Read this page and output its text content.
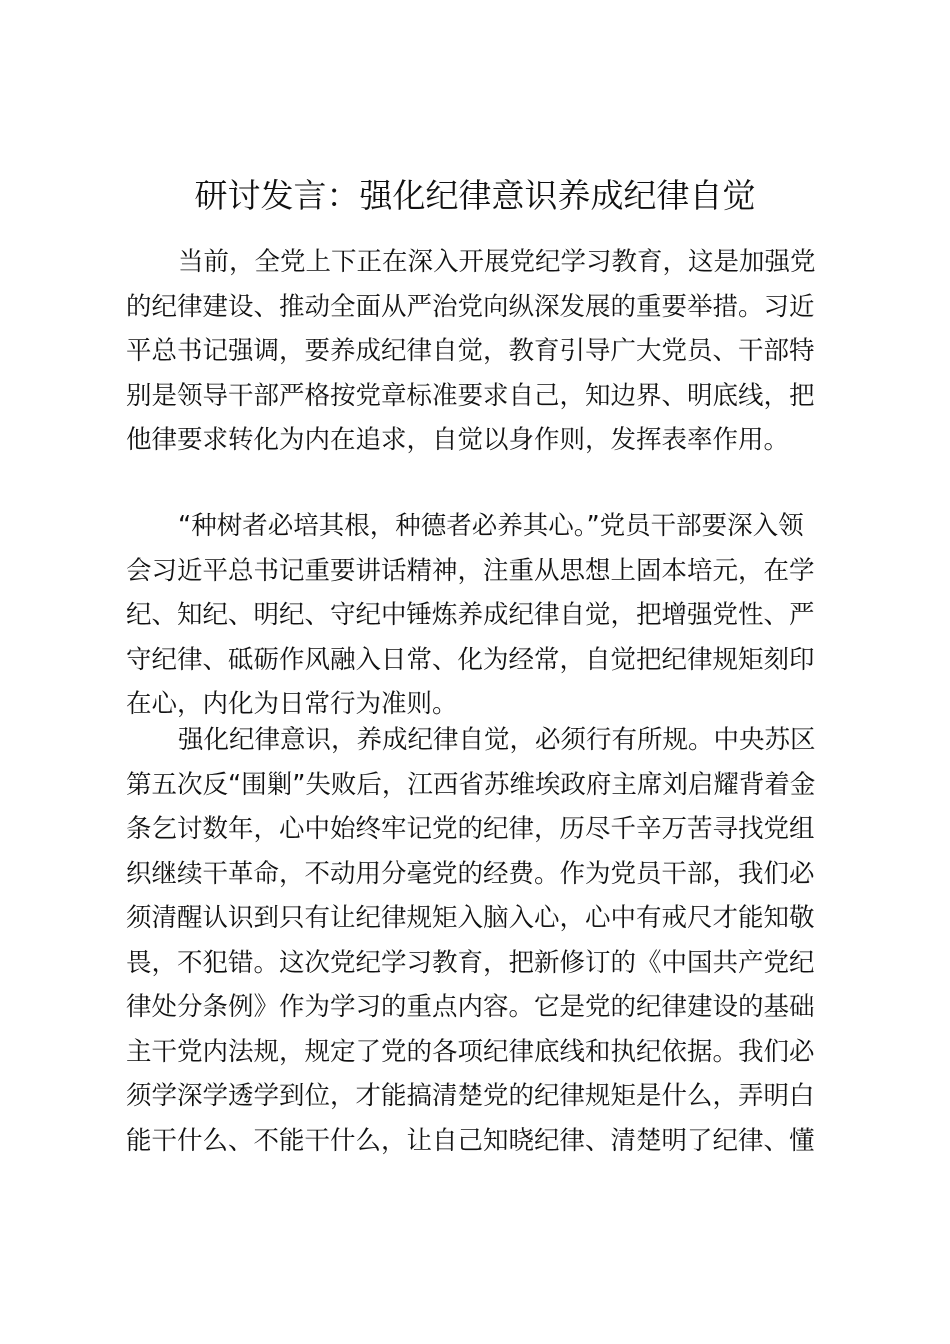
研讨发言：强化纪律意识养成纪律自觉
当前，全党上下正在深入开展党纪学习教育，这是加强党
的纪律建设、推动全面从严治党向纵深发展的重要举措。习近
平总书记强调，要养成纪律自觉，教育引导广大党员、干部特
别是领导干部严格按党章标准要求自己，知边界、明底线，把
他律要求转化为内在追求，自觉以身作则，发挥表率作用。
“种树者必培其根，种德者必养其心。”党员干部要深入领
会习近平总书记重要讲话精神，注重从思想上固本培元，在学
纪、知纪、明纪、守纪中锤炼养成纪律自觉，把增强党性、严
守纪律、砥砺作风融入日常、化为经常，自觉把纪律规矩刻印
在心，内化为日常行为准则。
强化纪律意识，养成纪律自觉，必须行有所规。中央苏区
第五次反“围剿”失败后，江西省苏维埃政府主席刘启耀背着金
条乞讨数年，心中始终牢记党的纪律，历尽千辛万苦寻找党组
织继续干革命，不动用分毫党的经费。作为党员干部，我们必
须清醒认识到只有让纪律规矩入脑入心，心中有戒尺才能知敬
畏，不犯错。这次党纪学习教育，把新修订的《中国共产党纪
律处分条例》作为学习的重点内容。它是党的纪律建设的基础
主干党内法规，规定了党的各项纪律底线和执纪依据。我们必
须学深学透学到位，才能搞清楚党的纪律规矩是什么，弄明白
能干什么、不能干什么，让自己知晓纪律、清楚明了纪律、懂
